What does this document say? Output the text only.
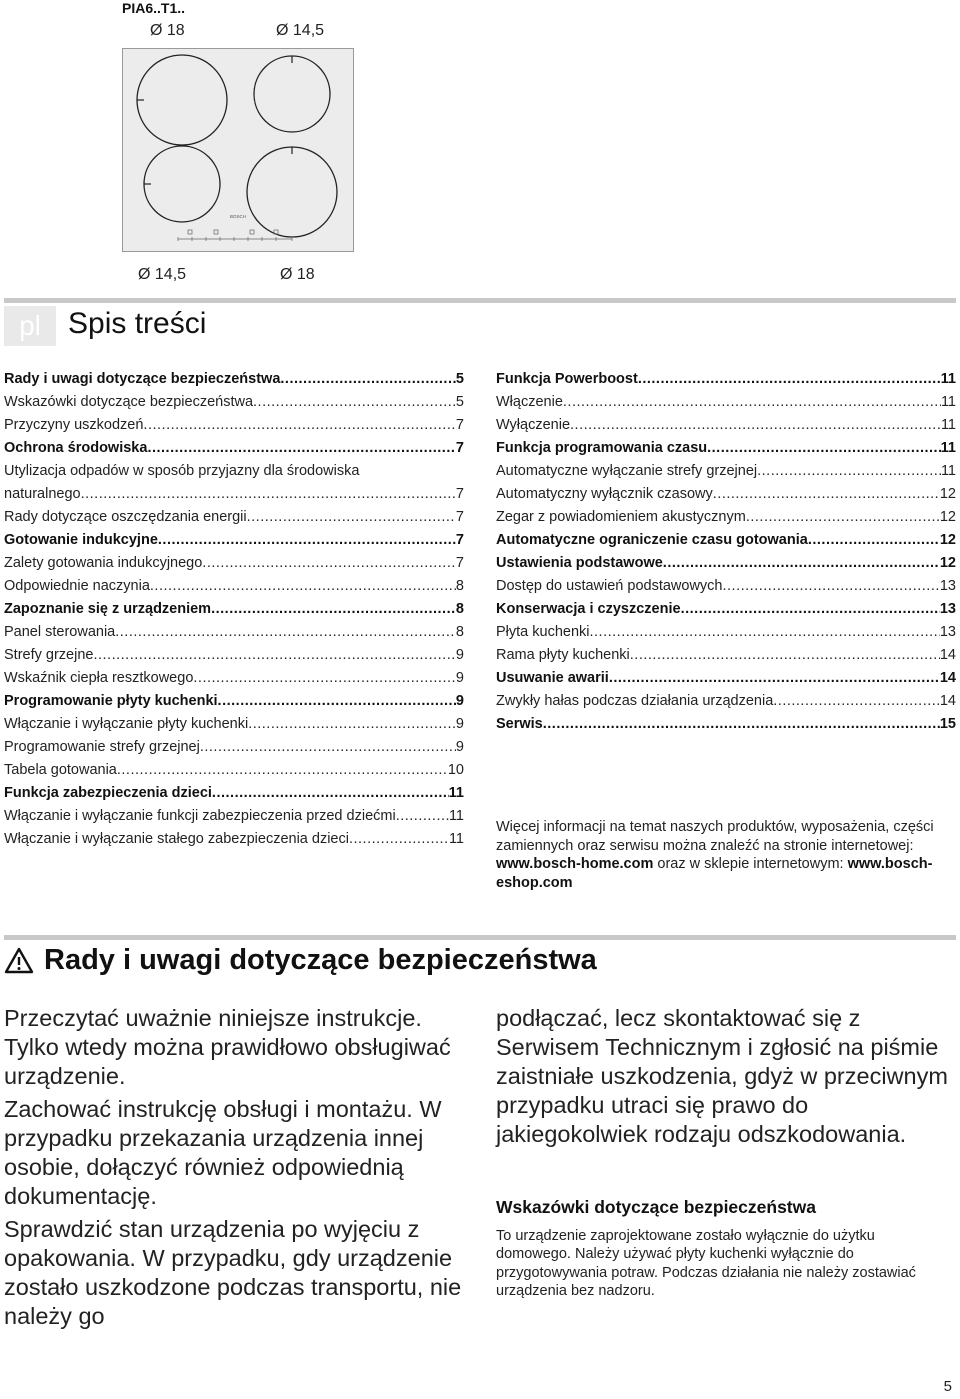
PIA6..T1..
Ø 18	Ø 14,5
BOSCH
Ø 14,5	Ø 18
pl Spis treści
Rady i uwagi dotyczące bezpieczeństwa .....	5
Wskazówki dotyczące bezpieczeństwa .....	5
Przyczyny uszkodzeń .....	7
Ochrona środowiska .....	7
Utylizacja odpadów w sposób przyjazny dla środowiska
naturalnego .....	7
Rady dotyczące oszczędzania energii .....	7
Gotowanie indukcyjne .....	7
Zalety gotowania indukcyjnego .....	7
Odpowiednie naczynia .....	8
Zapoznanie się z urządzeniem .....	8
Panel sterowania .....	8
Strefy grzejne .....	9
Wskaźnik ciepła resztkowego .....	9
Programowanie płyty kuchenki .....	9
Włączanie i wyłączanie płyty kuchenki .....	9
Programowanie strefy grzejnej .....	9
Tabela gotowania .....	10
Funkcja zabezpieczenia dzieci .....	11
Włączanie i wyłączanie funkcji zabezpieczenia przed dziećmi .....	11
Włączanie i wyłączanie stałego zabezpieczenia dzieci .....	11
Funkcja Powerboost .....	11
Włączenie .....	11
Wyłączenie .....	11
Funkcja programowania czasu .....	11
Automatyczne wyłączanie strefy grzejnej .....	11
Automatyczny wyłącznik czasowy .....	12
Zegar z powiadomieniem akustycznym .....	12
Automatyczne ograniczenie czasu gotowania .....	12
Ustawienia podstawowe .....	12
Dostęp do ustawień podstawowych .....	13
Konserwacja i czyszczenie .....	13
Płyta kuchenki .....	13
Rama płyty kuchenki .....	14
Usuwanie awarii .....	14
Zwykły hałas podczas działania urządzenia .....	14
Serwis .....	15
Więcej informacji na temat naszych produktów, wyposażenia, części zamiennych oraz serwisu można znaleźć na stronie internetowej: www.bosch-home.com oraz w sklepie internetowym: www.bosch-eshop.com
Rady i uwagi dotyczące bezpieczeństwa

Przeczytać uważnie niniejsze instrukcje. Tylko wtedy można prawidłowo obsługiwać urządzenie.

Zachować instrukcję obsługi i montażu. W przypadku przekazania urządzenia innej osobie, dołączyć również odpowiednią dokumentację.

Sprawdzić stan urządzenia po wyjęciu z opakowania. W przypadku, gdy urządzenie zostało uszkodzone podczas transportu, nie należy go

podłączać, lecz skontaktować się z Serwisem Technicznym i zgłosić na piśmie zaistniałe uszkodzenia, gdyż w przeciwnym przypadku utraci się prawo do jakiegokolwiek rodzaju odszkodowania.

Wskazówki dotyczące bezpieczeństwa
To urządzenie zaprojektowane zostało wyłącznie do użytku domowego. Należy używać płyty kuchenki wyłącznie do przygotowywania potraw. Podczas działania nie należy zostawiać urządzenia bez nadzoru.
5
